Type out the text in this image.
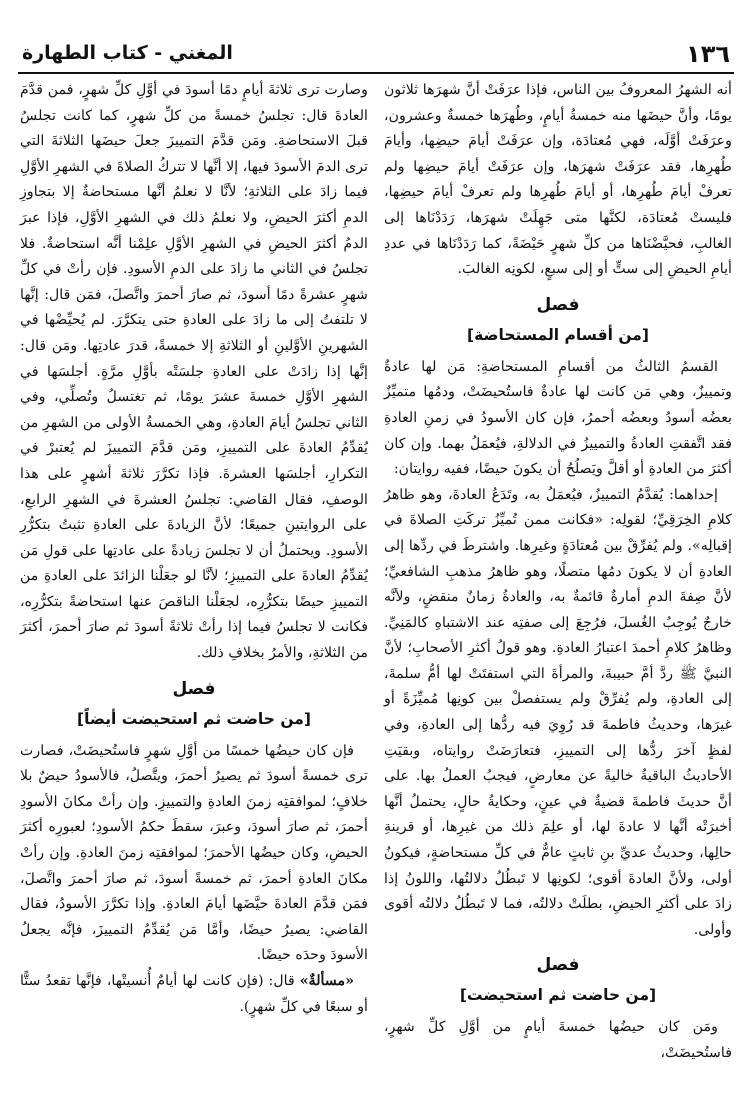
١٣٦
المغني - كتاب الطهارة

أنه الشهرُ المعروفُ بين الناس، فإذا عرَفَتْ أنَّ شهرَها ثلاثون يومًا، وأنَّ حيضَها منه خمسةُ أيامٍ، وطُهرَها خمسةٌ وعشرون، وعرَفَتْ أوَّلَه، فهي مُعتادَة، وإن عرَفَتْ أيامَ حيضِها، وأيامَ طُهرِها، فقد عرَفَتْ شهرَها، وإن عرَفَتْ أيامَ حيضِها ولم تعرفْ أيامَ طُهرِها، أو أيامَ طُهرِها ولم تعرفْ أيامَ حيضِها، فليستْ مُعتادَة، لكنَّها متى جَهِلَتْ شهرَها، رَدَدْنَاها إلى الغالبِ، فحيَّضْنَاها من كلِّ شهرٍ حَيْضَةً، كما رَدَدْنَاها في عددِ أيامِ الحيضِ إلى ستٍّ أو إلى سبعٍ، لكونِه الغالبَ.

فصل
[من أقسام المستحاضة]

القسمُ الثالثُ من أقسامِ المستحاضةِ: مَن لها عادةٌ وتمييزٌ، وهي مَن كانت لها عادةٌ فاستُحيضَتْ، ودمُها متميِّزٌ بعضُه أسودُ وبعضُه أحمرُ، فإن كان الأسودُ في زمنِ العادةِ فقد اتَّفقتِ العادةُ والتمييزُ في الدلالةِ، فيُعمَلُ بهما. وإن كان أكثرَ من العادةِ أو أقلَّ ويَصلُحُ أن يكونَ حيضًا، ففيه روايتان:

إحداهما: يُقدَّمُ التمييزُ، فيُعمَلُ به، وتَدَعُ العادةَ، وهو ظاهرُ كلامِ الخِرَقِيِّ؛ لقولِه: «فكانت ممن تُميِّزُ تركَتِ الصلاةَ في إقبالِه». ولم يُفرِّقْ بين مُعتادَةٍ وغيرِها. واشترطَ في ردِّها إلى العادةِ أن لا يكونَ دمُها متصلًا، وهو ظاهرُ مذهبِ الشافعيِّ؛ لأنَّ صِفةَ الدمِ أمارةٌ قائمةٌ به، والعادةُ زمانٌ منقضٍ، ولأنَّه خارجٌ يُوجِبُ الغُسلَ، فرُجِعَ إلى صفتِه عند الاشتباهِ كالمَنِيِّ. وظاهرُ كلامِ أحمدَ اعتبارُ العادةِ. وهو قولُ أكثرِ الأصحابِ؛ لأنَّ النبيَّ ﷺ ردَّ أمَّ حبيبةَ، والمرأةَ التي استفتَتْ لها أمُّ سلمةَ، إلى العادةِ، ولم يُفرِّقْ ولم يستفصلْ بين كونِها مُميِّزَةً أو غيرَها، وحديثُ فاطمةَ قد رُوِيَ فيه ردُّها إلى العادةِ، وفي لفظٍ آخرَ ردُّها إلى التمييزِ، فتعارَضَتْ روايتاه، وبقيَتِ الأحاديثُ الباقيةُ خاليةً عن معارضٍ، فيجبُ العملُ بها. على أنَّ حديثَ فاطمةَ قضيةٌ في عينٍ، وحكايةُ حالٍ، يحتملُ أنَّها أخبرَتْه أنَّها لا عادةَ لها، أو علِمَ ذلك من غيرِها، أو قرينةِ حالِها، وحديثُ عديِّ بنِ ثابتٍ عامٌّ في كلِّ مستحاضةٍ، فيكونُ أولى، ولأنَّ العادةَ أقوى؛ لكونِها لا تَبطُلُ دلالتُها، واللونُ إذا زادَ على أكثرِ الحيضِ، بطلَتْ دلالتُه، فما لا تَبطُلُ دلالتُه أقوى وأولى.

فصل
[من حاضت ثم استحيضت]

ومَن كان حيضُها خمسةَ أيامٍ من أوَّلِ كلِّ شهرٍ، فاستُحيضَتْ،

وصارت ترى ثلاثةَ أيامٍ دمًا أسودَ في أوَّلِ كلِّ شهرٍ، فمن قدَّمَ العادةَ قال: تجلسُ خمسةً من كلِّ شهرٍ، كما كانت تجلسُ قبلَ الاستحاضةِ. ومَن قدَّمَ التمييزَ جعلَ حيضَها الثلاثةَ التي ترى الدمَ الأسودَ فيها، إلا أنَّها لا تتركُ الصلاةَ في الشهرِ الأوَّلِ فيما زادَ على الثلاثةِ؛ لأنَّا لا نعلمُ أنَّها مستحاضةٌ إلا بتجاوزِ الدمِ أكثرَ الحيضِ، ولا نعلمُ ذلك في الشهرِ الأوَّلِ، فإذا عبرَ الدمُ أكثرَ الحيضِ في الشهرِ الأوَّلِ علِمْنا أنَّه استحاضةٌ. فلا تجلسُ في الثاني ما زادَ على الدمِ الأسودِ. فإن رأتْ في كلِّ شهرٍ عشرةً دمًا أسودَ، ثم صارَ أحمرَ واتَّصلَ، فمَن قال: إنَّها لا تلتفتُ إلى ما زادَ على العادةِ حتى يتكرَّرَ. لم يُحيِّضْها في الشهرينِ الأوَّلينِ أو الثلاثةِ إلا خمسةً، قدرَ عادتِها. ومَن قال: إنَّها إذا زادَتْ على العادةِ جلسَتْه بأوَّلِ مرَّةٍ. أجلسَها في الشهرِ الأوَّلِ خمسةَ عشرَ يومًا، ثم تغتسلُ وتُصلِّي، وفي الثاني تجلسُ أيامَ العادةِ، وهي الخمسةُ الأولى من الشهرِ من يُقدِّمُ العادةَ على التمييزِ، ومَن قدَّمَ التمييزَ لم يُعتبرْ في التكرارِ، أجلسَها العشرةَ. فإذا تكرَّرَ ثلاثةَ أشهرٍ على هذا الوصفِ، فقال القاضي: تجلسُ العشرةَ في الشهرِ الرابعِ، على الروايتينِ جميعًا؛ لأنَّ الزيادةَ على العادةِ تثبتُ بتكرُّرِ الأسودِ. ويحتملُ أن لا تجلسَ زيادةً على عادتِها على قولِ مَن يُقدِّمُ العادةَ على التمييزِ؛ لأنَّا لو جعَلْنا الزائدَ على العادةِ من التمييزِ حيضًا بتكرُّرِه، لجعَلْنا الناقصَ عنها استحاضةً بتكرُّرِه، فكانت لا تجلسُ فيما إذا رأتْ ثلاثةً أسودَ ثم صارَ أحمرَ، أكثرَ من الثلاثةِ، والأمرُ بخلافِ ذلك.

فصل
[من حاضت ثم استحيضت أيضاً]

فإن كان حيضُها خمسًا من أوَّلِ شهرٍ فاستُحيضَتْ، فصارت ترى خمسةً أسودَ ثم يصيرُ أحمرَ، ويتَّصلُ، فالأسودُ حيضٌ بلا خلافٍ؛ لموافقتِه زمنَ العادةِ والتمييزِ. وإن رأتْ مكانَ الأسودِ أحمرَ، ثم صارَ أسودَ، وعبرَ، سقطَ حكمُ الأسودِ؛ لعبورِه أكثرَ الحيضِ، وكان حيضُها الأحمرَ؛ لموافقتِه زمنَ العادةِ. وإن رأتْ مكانَ العادةِ أحمرَ، ثم خمسةً أسودَ، ثم صارَ أحمرَ واتَّصلَ، فمَن قدَّمَ العادةَ حيَّضَها أيامَ العادةِ. وإذا تكرَّرَ الأسودُ، فقال القاضي: يصيرُ حيضًا، وأمَّا مَن يُقدِّمُ التمييزَ، فإنَّه يجعلُ الأسودَ وحدَه حيضًا.

«مسألةٌ» قال: (فإن كانت لها أيامٌ أُنسيتْها، فإنَّها تقعدُ ستًّا أو سبعًا في كلِّ شهرٍ).
